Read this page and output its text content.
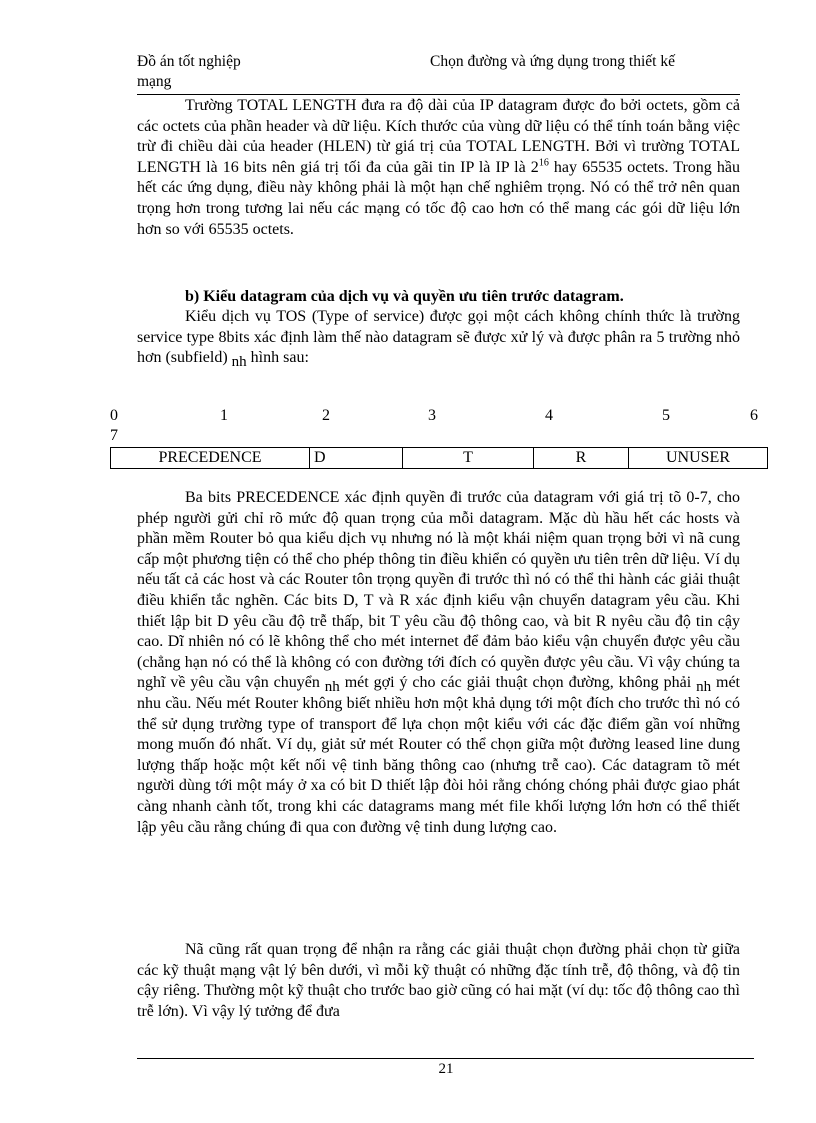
Đồ án tốt nghiệp
mạng
Chọn đường và ứng dụng trong thiết kế

Trường TOTAL LENGTH đưa ra độ dài của IP datagram được đo bởi octets, gồm cả các octets của phần header và dữ liệu. Kích thước của vùng dữ liệu có thể tính toán bằng việc trừ đi chiều dài của header (HLEN) từ giá trị của TOTAL LENGTH. Bởi vì trường TOTAL LENGTH là 16 bits nên giá trị tối đa của gãi tin IP là IP là $2^{16}$ hay 65535 octets. Trong hầu hết các ứng dụng, điều này không phải là một hạn chế nghiêm trọng. Nó có thể trở nên quan trọng hơn trong tương lai nếu các mạng có tốc độ cao hơn có thể mang các gói dữ liệu lớn hơn so với 65535 octets.

b) Kiểu datagram của dịch vụ và quyền ưu tiên trước datagram.

Kiểu dịch vụ TOS (Type of service) được gọi một cách không chính thức là trường service type 8bits xác định làm thế nào datagram sẽ được xử lý và được phân ra 5 trường nhỏ hơn (subfield) nh hình sau:

0	1	2	3	4	5	6
7
PRECEDENCE	D	T	R	UNUSER

Ba bits PRECEDENCE xác định quyền đi trước của datagram với giá trị tõ 0-7, cho phép người gửi chỉ rõ mức độ quan trọng của mỗi datagram. Mặc dù hầu hết các hosts và phần mềm Router bỏ qua kiểu dịch vụ nhưng nó là một khái niệm quan trọng bởi vì nã cung cấp một phương tiện có thể cho phép thông tin điều khiển có quyền ưu tiên trên dữ liệu. Ví dụ nếu tất cả các host và các Router tôn trọng quyền đi trước thì nó có thể thi hành các giải thuật điều khiển tắc nghẽn. Các bits D, T và R xác định kiểu vận chuyển datagram yêu cầu. Khi thiết lập bit D yêu cầu độ trễ thấp, bit T yêu cầu độ thông cao, và bit R nyêu cầu độ tin cậy cao. Dĩ nhiên nó có lẽ không thể cho mét internet để đảm bảo kiểu vận chuyển được yêu cầu (chẳng hạn nó có thể là không có con đường tới đích có quyền được yêu cầu. Vì vậy chúng ta nghĩ về yêu cầu vận chuyển nh mét gợi ý cho các giải thuật chọn đường, không phải nh mét nhu cầu. Nếu mét Router không biết nhiều hơn một khả dụng tới một đích cho trước thì nó có thể sử dụng trường type of transport để lựa chọn một kiểu với các đặc điểm gần voí những mong muốn đó nhất. Ví dụ, giảt sử mét Router có thể chọn giữa một đường leased line dung lượng thấp hoặc một kết nối vệ tinh băng thông cao (nhưng trễ cao). Các datagram tõ mét người dùng tới một máy ở xa có bit D thiết lập đòi hỏi rằng chóng chóng phải được giao phát càng nhanh cành tốt, trong khi các datagrams mang mét file khối lượng lớn hơn có thể thiết lập yêu cầu rằng chúng đi qua con đường vệ tinh dung lượng cao.

Nã cũng rất quan trọng để nhận ra rằng các giải thuật chọn đường phải chọn từ giữa các kỹ thuật mạng vật lý bên dưới, vì mỗi kỹ thuật có những đặc tính trễ, độ thông, và độ tin cậy riêng. Thường một kỹ thuật cho trước bao giờ cũng có hai mặt (ví dụ: tốc độ thông cao thì trễ lớn). Vì vậy lý tưởng để đưa

21
